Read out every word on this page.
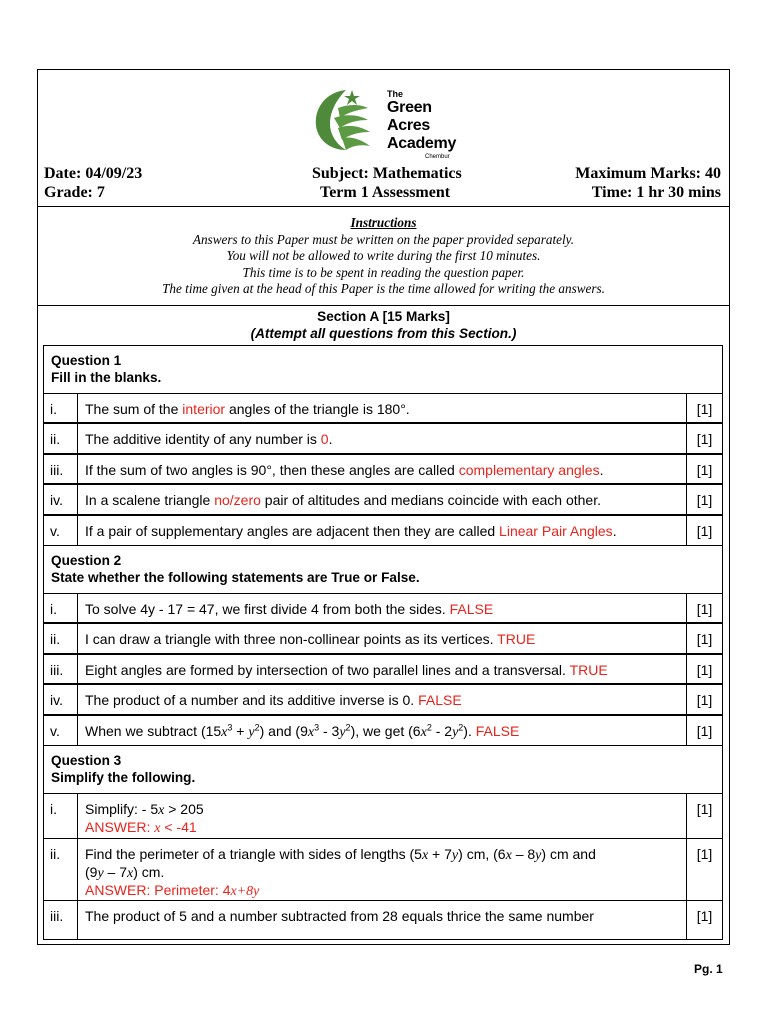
The
Green Acres
Academy
Chembur
Date: 04/09/23
Grade: 7
Subject: Mathematics
Term 1 Assessment
Maximum Marks: 40
Time: 1 hr 30 mins
Instructions
Answers to this Paper must be written on the paper provided separately.
You will not be allowed to write during the first 10 minutes.
This time is to be spent in reading the question paper.
The time given at the head of this Paper is the time allowed for writing the answers.
Section A [15 Marks]
(Attempt all questions from this Section.)
Question 1
Fill in the blanks.
i.	The sum of the interior angles of the triangle is 180°.	[1]
ii.	The additive identity of any number is 0.	[1]
iii.	If the sum of two angles is 90°, then these angles are called complementary angles.	[1]
iv.	In a scalene triangle no/zero pair of altitudes and medians coincide with each other.	[1]
v.	If a pair of supplementary angles are adjacent then they are called Linear Pair Angles.	[1]
Question 2
State whether the following statements are True or False.
i.	To solve 4y - 17 = 47, we first divide 4 from both the sides. FALSE	[1]
ii.	I can draw a triangle with three non-collinear points as its vertices. TRUE	[1]
iii.	Eight angles are formed by intersection of two parallel lines and a transversal. TRUE	[1]
iv.	The product of a number and its additive inverse is 0. FALSE	[1]
v.	When we subtract $(15x^3 + y^2)$ and $(9x^3 - 3y^2)$, we get $(6x^2 - 2y^2)$. FALSE	[1]
Question 3
Simplify the following.
i.	Simplify: - 5x > 205
ANSWER: x < -41
[1]
ii.	Find the perimeter of a triangle with sides of lengths (5x + 7y) cm, (6x – 8y) cm and
(9y – 7x) cm.
ANSWER: Perimeter: 4x+8y
[1]
iii.	The product of 5 and a number subtracted from 28 equals thrice the same number	[1]
Pg. 1
